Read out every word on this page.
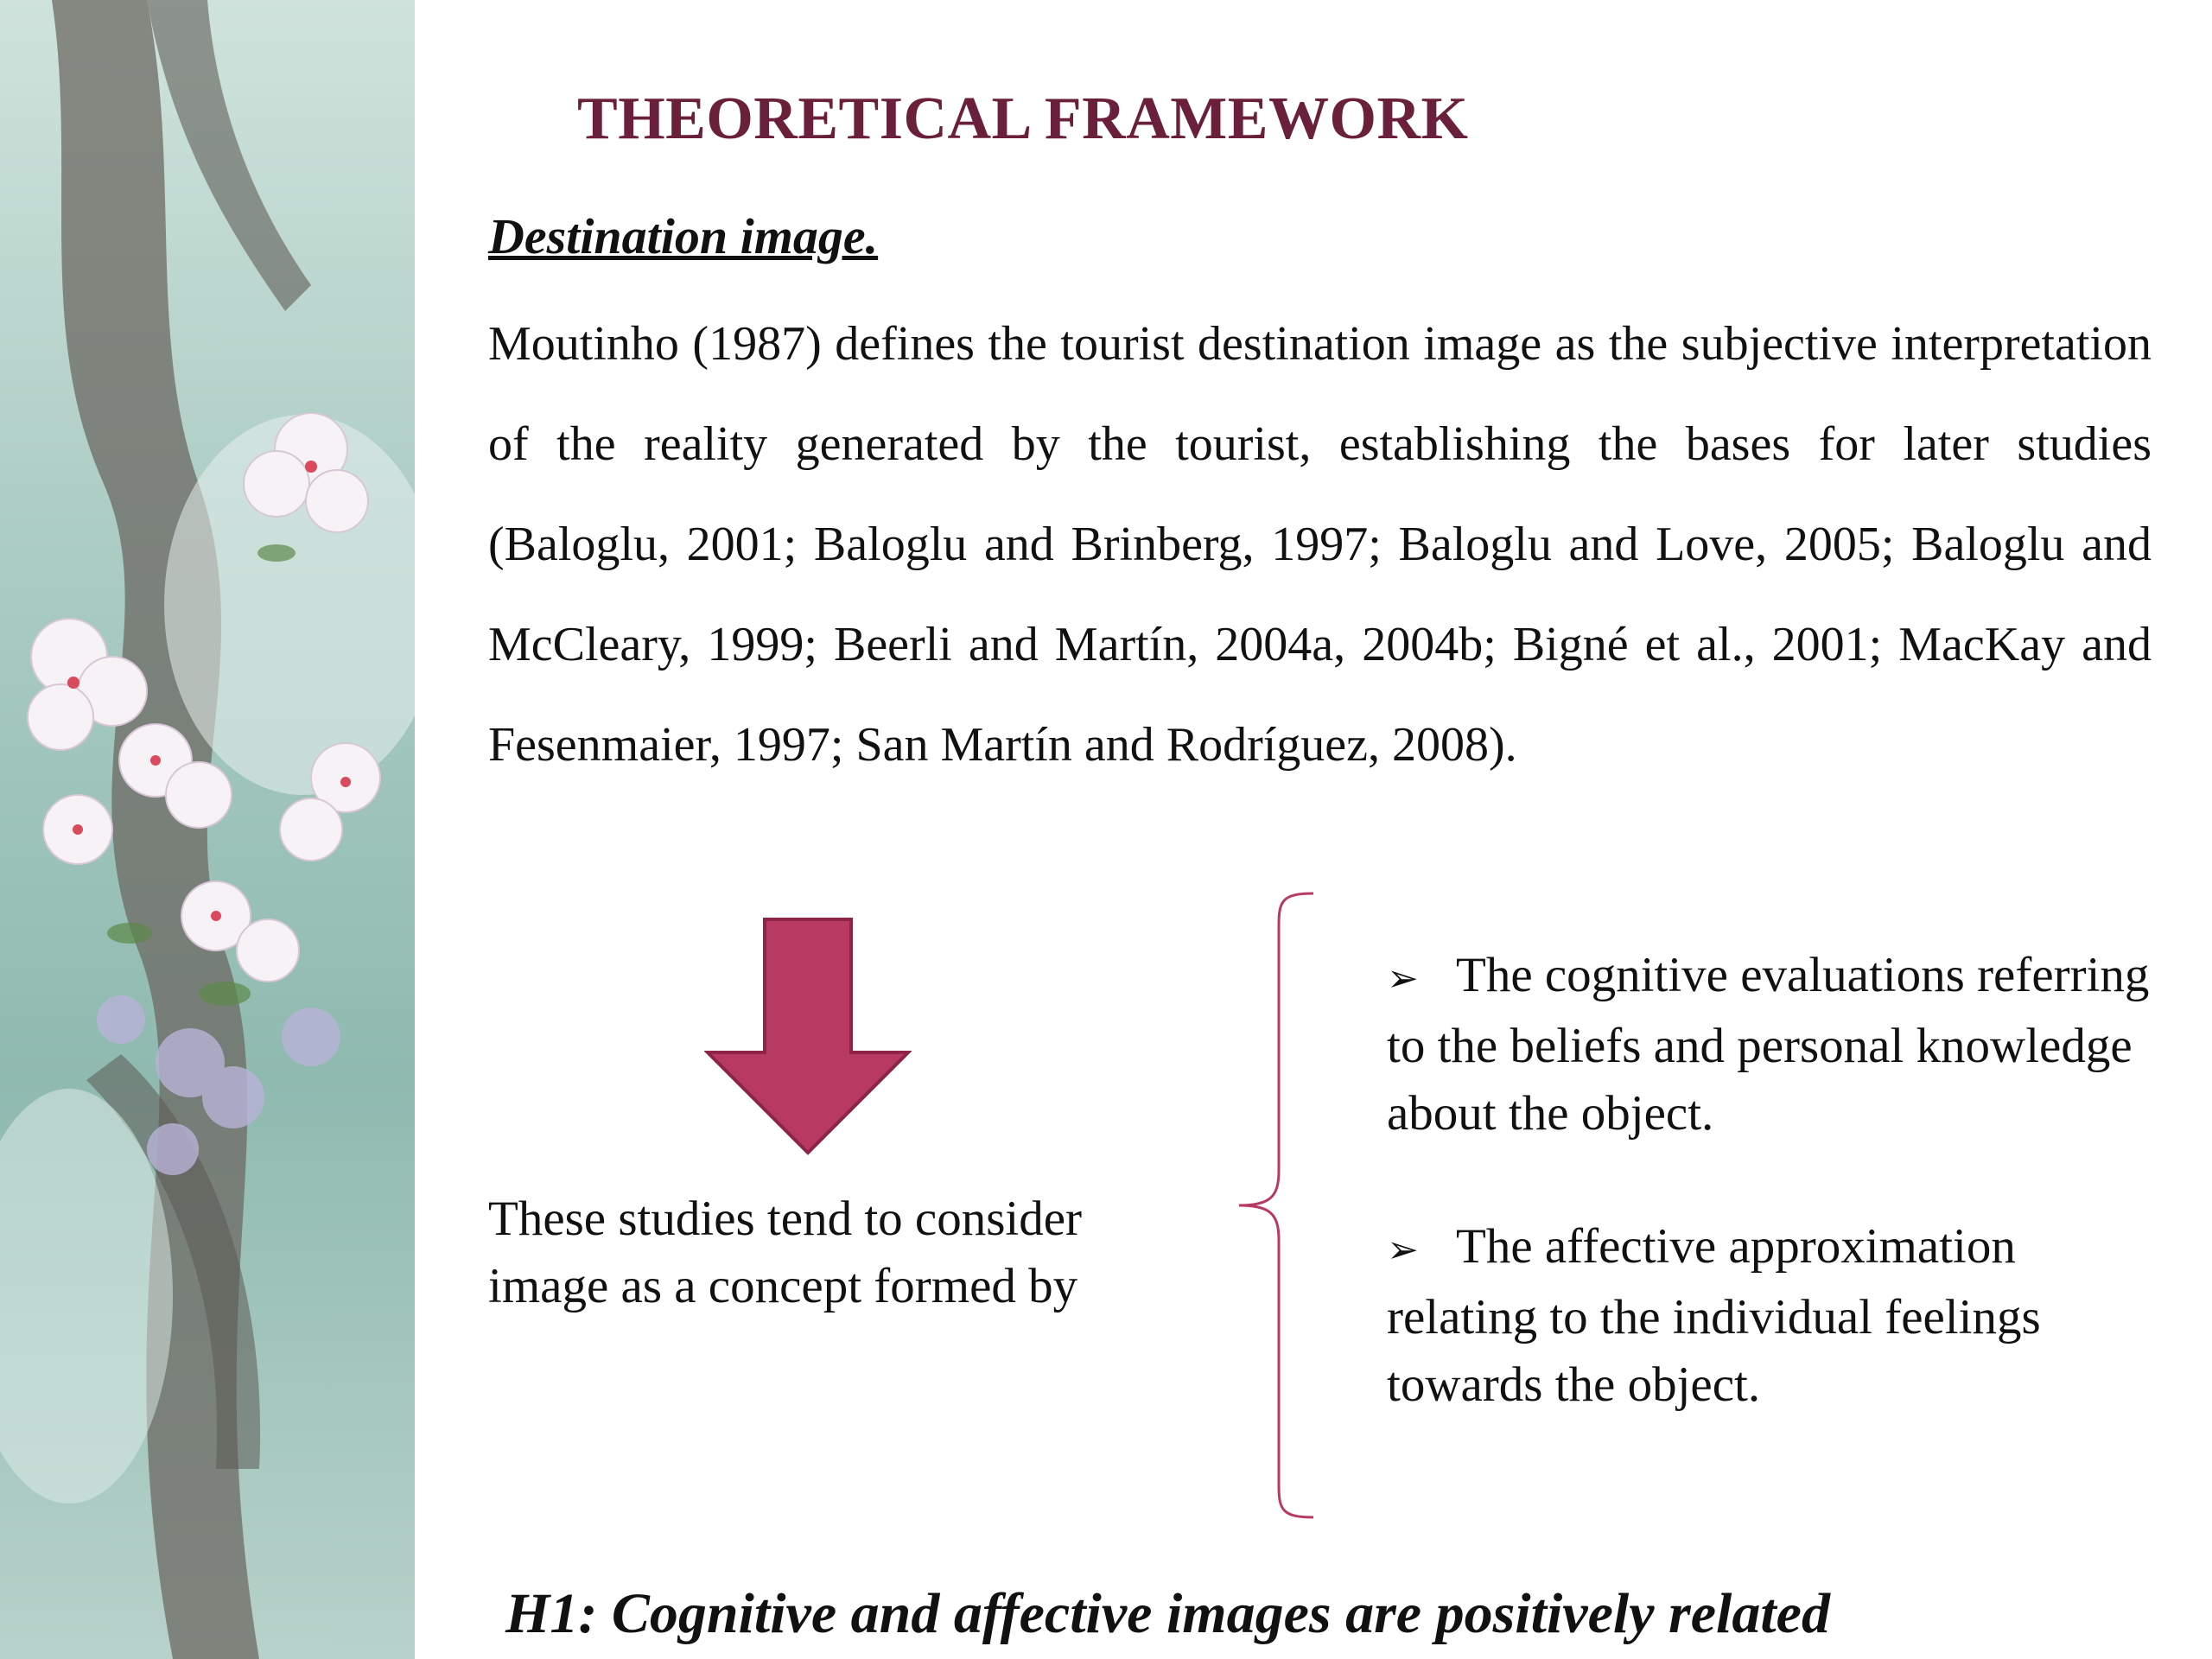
THEORETICAL FRAMEWORK
Destination image.

Moutinho (1987) defines the tourist destination image as the subjective interpretation of the reality generated by the tourist, establishing the bases for later studies (Baloglu, 2001; Baloglu and Brinberg, 1997; Baloglu and Love, 2005; Baloglu and McCleary, 1999; Beerli and Martín, 2004a, 2004b; Bigné et al., 2001; MacKay and Fesenmaier, 1997; San Martín and Rodríguez, 2008).

These studies tend to consider image as a concept formed by

➢ The cognitive evaluations referring to the beliefs and personal knowledge about the object.

➢ The affective approximation relating to the individual feelings towards the object.

H1: Cognitive and affective images are positively related
